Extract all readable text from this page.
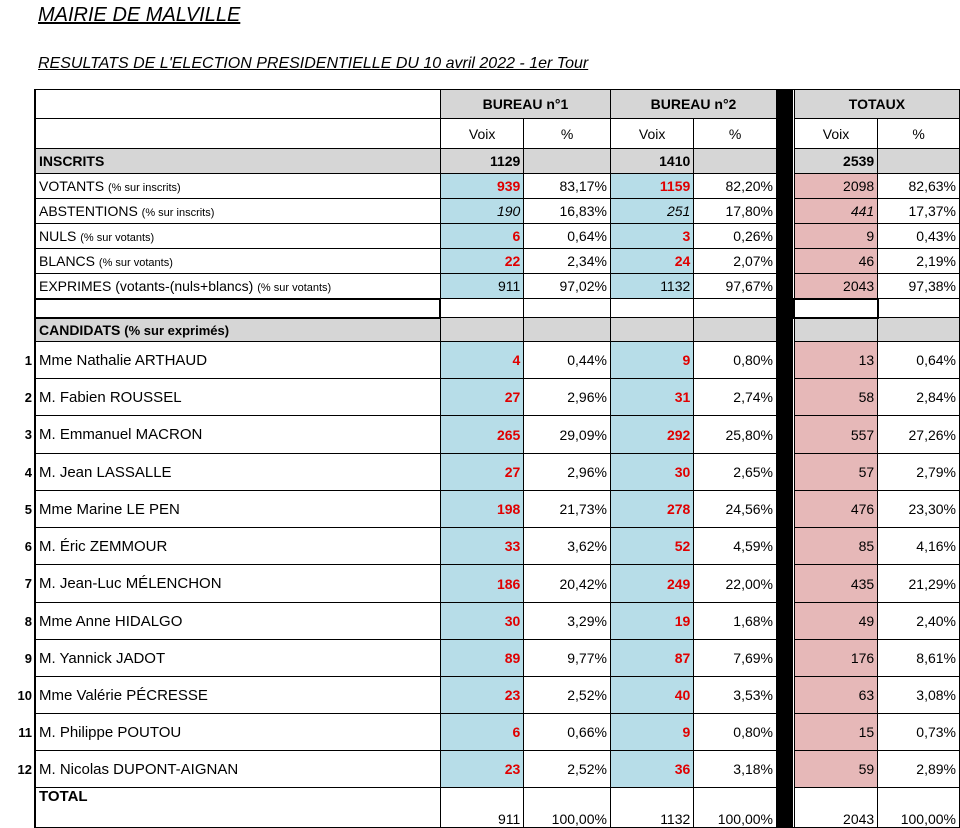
MAIRIE DE MALVILLE
RESULTATS DE L'ELECTION PRESIDENTIELLE DU 10 avril 2022 - 1er Tour
		BUREAU n°1		BUREAU n°2			TOTAUX	
		Voix	%	Voix	%		Voix	%
	INSCRITS	1129		1410			2539	
	VOTANTS (% sur inscrits)	939	83,17%	1159	82,20%		2098	82,63%
	ABSTENTIONS (% sur inscrits)	190	16,83%	251	17,80%		441	17,37%
	NULS (% sur votants)	6	0,64%	3	0,26%		9	0,43%
	BLANCS (% sur votants)	22	2,34%	24	2,07%		46	2,19%
	EXPRIMES (votants-(nuls+blancs) (% sur votants)	911	97,02%	1132	97,67%		2043	97,38%

	CANDIDATS (% sur exprimés)							
1	Mme Nathalie ARTHAUD	4	0,44%	9	0,80%		13	0,64%
2	M. Fabien ROUSSEL	27	2,96%	31	2,74%		58	2,84%
3	M. Emmanuel MACRON	265	29,09%	292	25,80%		557	27,26%
4	M. Jean LASSALLE	27	2,96%	30	2,65%		57	2,79%
5	Mme Marine LE PEN	198	21,73%	278	24,56%		476	23,30%
6	M. Éric ZEMMOUR	33	3,62%	52	4,59%		85	4,16%
7	M. Jean-Luc MÉLENCHON	186	20,42%	249	22,00%		435	21,29%
8	Mme Anne HIDALGO	30	3,29%	19	1,68%		49	2,40%
9	M. Yannick JADOT	89	9,77%	87	7,69%		176	8,61%
10	Mme Valérie PÉCRESSE	23	2,52%	40	3,53%		63	3,08%
11	M. Philippe POUTOU	6	0,66%	9	0,80%		15	0,73%
12	M. Nicolas DUPONT-AIGNAN	23	2,52%	36	3,18%		59	2,89%
	TOTAL	911	100,00%	1132	100,00%		2043	100,00%
